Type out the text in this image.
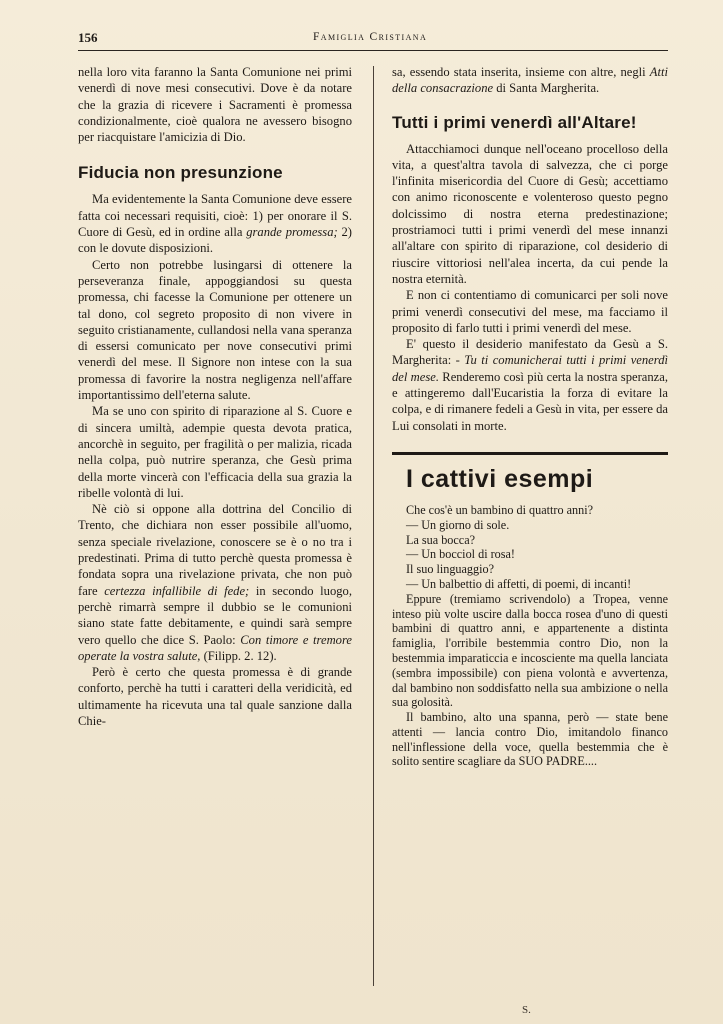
156	Famiglia Cristiana

nella loro vita faranno la Santa Comunione nei primi venerdì di nove mesi consecutivi. Dove è da notare che la grazia di ricevere i Sacramenti è promessa condizionalmente, cioè qualora ne avessero bisogno per riacquistare l'amicizia di Dio.

Fiducia non presunzione

Ma evidentemente la Santa Comunione deve essere fatta coi necessari requisiti, cioè: 1) per onorare il S. Cuore di Gesù, ed in ordine alla grande promessa; 2) con le dovute disposizioni.

Certo non potrebbe lusingarsi di ottenere la perseveranza finale, appoggiandosi su questa promessa, chi facesse la Comunione per ottenere un tal dono, col segreto proposito di non vivere in seguito cristianamente, cullandosi nella vana speranza di essersi comunicato per nove consecutivi primi venerdì del mese. Il Signore non intese con la sua promessa di favorire la nostra negligenza nell'affare importantissimo dell'eterna salute.

Ma se uno con spirito di riparazione al S. Cuore e di sincera umiltà, adempie questa devota pratica, ancorchè in seguito, per fragilità o per malizia, ricada nella colpa, può nutrire speranza, che Gesù prima della morte vincerà con l'efficacia della sua grazia la ribelle volontà di lui.

Nè ciò si oppone alla dottrina del Concilio di Trento, che dichiara non esser possibile all'uomo, senza speciale rivelazione, conoscere se è o no tra i predestinati. Prima di tutto perchè questa promessa è fondata sopra una rivelazione privata, che non può fare certezza infallibile di fede; in secondo luogo, perchè rimarrà sempre il dubbio se le comunioni siano state fatte debitamente, e quindi sarà sempre vero quello che dice S. Paolo: Con timore e tremore operate la vostra salute, (Filipp. 2. 12).

Però è certo che questa promessa è di grande conforto, perchè ha tutti i caratteri della veridicità, ed ultimamente ha ricevuta una tal quale sanzione dalla Chie-

sa, essendo stata inserita, insieme con altre, negli Atti della consacrazione di Santa Margherita.

Tutti i primi venerdì all'Altare!

Attacchiamoci dunque nell'oceano procelloso della vita, a quest'altra tavola di salvezza, che ci porge l'infinita misericordia del Cuore di Gesù; accettiamo con animo riconoscente e volenteroso questo pegno dolcissimo di nostra eterna predestinazione; prostriamoci tutti i primi venerdì del mese innanzi all'altare con spirito di riparazione, col desiderio di riuscire vittoriosi nell'alea incerta, da cui pende la nostra eternità.

E non ci contentiamo di comunicarci per soli nove primi venerdì consecutivi del mese, ma facciamo il proposito di farlo tutti i primi venerdì del mese.

E' questo il desiderio manifestato da Gesù a S. Margherita: - Tu ti comunicherai tutti i primi venerdì del mese. Renderemo così più certa la nostra speranza, e attingeremo dall'Eucaristia la forza di evitare la colpa, e di rimanere fedeli a Gesù in vita, per essere da Lui consolati in morte.

I cattivi esempi

Che cos'è un bambino di quattro anni?

— Un giorno di sole.

La sua bocca?

— Un bocciol di rosa!

Il suo linguaggio?

— Un balbettio di affetti, di poemi, di incanti!

Eppure (tremiamo scrivendolo) a Tropea, venne inteso più volte uscire dalla bocca rosea d'uno di questi bambini di quattro anni, e appartenente a distinta famiglia, l'orribile bestemmia contro Dio, non la bestemmia imparaticcia e incosciente ma quella lanciata (sembra impossibile) con piena volontà e avvertenza, dal bambino non soddisfatto nella sua ambizione o nella sua golosità.

Il bambino, alto una spanna, però — state bene attenti — lancia contro Dio, imitandolo financo nell'inflessione della voce, quella bestemmia che è solito sentire scagliare da SUO PADRE....

S.
